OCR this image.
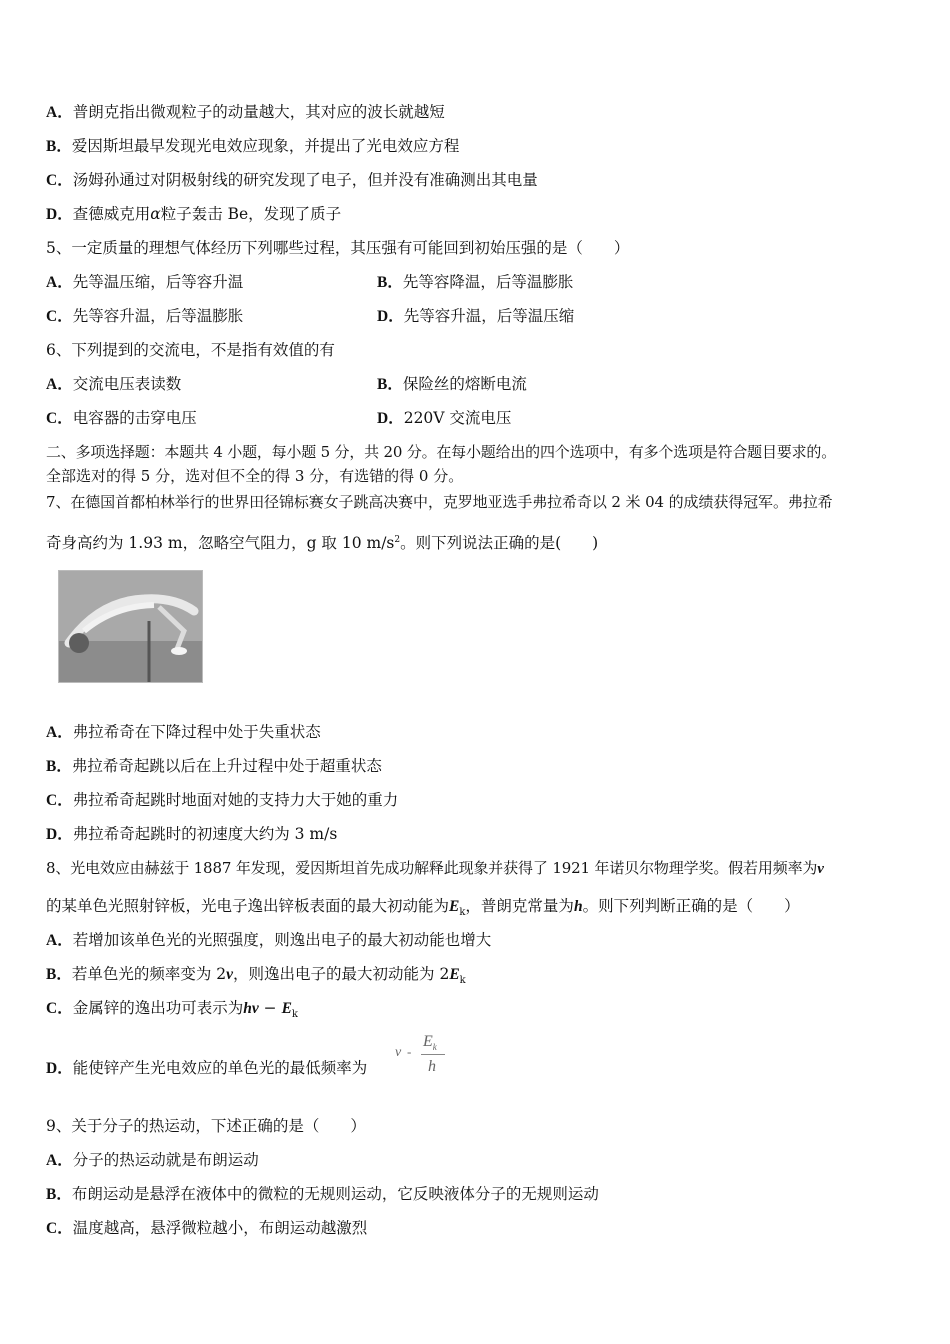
A．普朗克指出微观粒子的动量越大，其对应的波长就越短
B．爱因斯坦最早发现光电效应现象，并提出了光电效应方程
C．汤姆孙通过对阴极射线的研究发现了电子，但并没有准确测出其电量
D．查德威克用α粒子轰击 Be，发现了质子
5、一定质量的理想气体经历下列哪些过程，其压强有可能回到初始压强的是（　　）
A．先等温压缩，后等容升温	B．先等容降温，后等温膨胀
C．先等容升温，后等温膨胀	D．先等容升温，后等温压缩
6、下列提到的交流电，不是指有效值的有
A．交流电压表读数	B．保险丝的熔断电流
C．电容器的击穿电压	D．220V 交流电压
二、多项选择题：本题共 4 小题，每小题 5 分，共 20 分。在每小题给出的四个选项中，有多个选项是符合题目要求的。
全部选对的得 5 分，选对但不全的得 3 分，有选错的得 0 分。
7、在德国首都柏林举行的世界田径锦标赛女子跳高决赛中，克罗地亚选手弗拉希奇以 2 米 04 的成绩获得冠军。弗拉希
奇身高约为 1.93 m，忽略空气阻力，g 取 10 $m/s^2$。则下列说法正确的是(　　)
A．弗拉希奇在下降过程中处于失重状态
B．弗拉希奇起跳以后在上升过程中处于超重状态
C．弗拉希奇起跳时地面对她的支持力大于她的重力
D．弗拉希奇起跳时的初速度大约为 3 m/s
8、光电效应由赫兹于 1887 年发现，爱因斯坦首先成功解释此现象并获得了 1921 年诺贝尔物理学奖。假若用频率为v
的某单色光照射锌板，光电子逸出锌板表面的最大初动能为$E_k$，普朗克常量为h。则下列判断正确的是（　　）
A．若增加该单色光的光照强度，则逸出电子的最大初动能也增大
B．若单色光的频率变为 2v，则逸出电子的最大初动能为 $2E_k$
C．金属锌的逸出功可表示为hv − $E_k$
D．能使锌产生光电效应的单色光的最低频率为
ν -
$E_k$
h
9、关于分子的热运动，下述正确的是（　　）
A．分子的热运动就是布朗运动
B．布朗运动是悬浮在液体中的微粒的无规则运动，它反映液体分子的无规则运动
C．温度越高，悬浮微粒越小，布朗运动越激烈
